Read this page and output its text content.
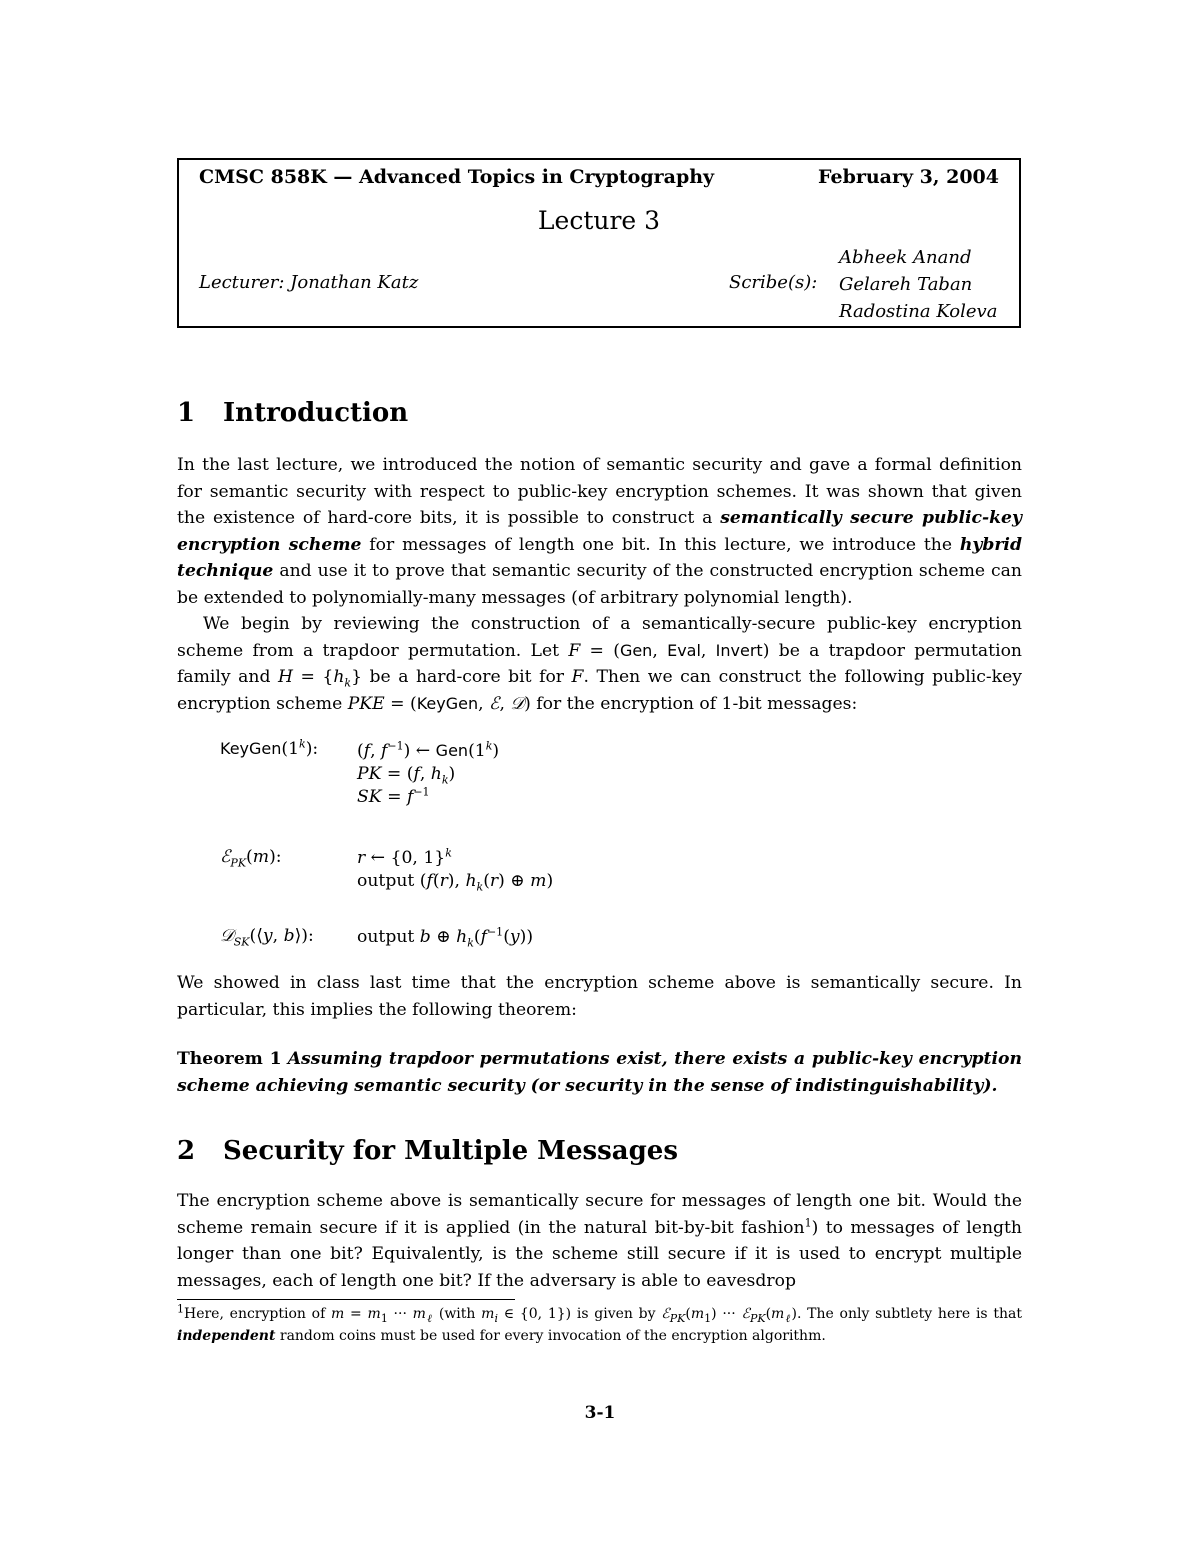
CMSC 858K — Advanced Topics in Cryptography	February 3, 2004
Lecture 3
Lecturer: Jonathan Katz	Scribe(s):
Abheek Anand
Gelareh Taban
Radostina Koleva
1 Introduction

In the last lecture, we introduced the notion of semantic security and gave a formal definition for semantic security with respect to public-key encryption schemes. It was shown that given the existence of hard-core bits, it is possible to construct a semantically secure public-key encryption scheme for messages of length one bit. In this lecture, we introduce the hybrid technique and use it to prove that semantic security of the constructed encryption scheme can be extended to polynomially-many messages (of arbitrary polynomial length).

We begin by reviewing the construction of a semantically-secure public-key encryption scheme from a trapdoor permutation. Let F = (Gen, Eval, Invert) be a trapdoor permutation family and $H = \{h_k\}$ be a hard-core bit for F. Then we can construct the following public-key encryption scheme PKE = (KeyGen, ℰ, 𝒟) for the encryption of 1-bit messages:

KeyGen(1$^k$): (f, $f^{-1}$) ← Gen(1$^k$)
PK = (f, $h_k$)
SK = $f^{-1}$
ℰ$_{PK}$(m):	r ← {0, 1}$^k$
output (f(r), $h_k(r)$ ⊕ m)
𝒟$_{SK}$(⟨y, b⟩):	output b ⊕ $h_k(f^{-1}(y))$

We showed in class last time that the encryption scheme above is semantically secure. In particular, this implies the following theorem:

Theorem 1 Assuming trapdoor permutations exist, there exists a public-key encryption scheme achieving semantic security (or security in the sense of indistinguishability).
2 Security for Multiple Messages

The encryption scheme above is semantically secure for messages of length one bit. Would the scheme remain secure if it is applied (in the natural bit-by-bit fashion$^1$) to messages of length longer than one bit? Equivalently, is the scheme still secure if it is used to encrypt multiple messages, each of length one bit? If the adversary is able to eavesdrop

$^1$Here, encryption of $m = m_1$ ··· $m_\ell$ (with $m_i$ ∈ {0, 1}) is given by $ℰ_{PK}(m_1)$ ··· $ℰ_{PK}(m_\ell)$. The only subtlety here is that independent random coins must be used for every invocation of the encryption algorithm.
3-1
